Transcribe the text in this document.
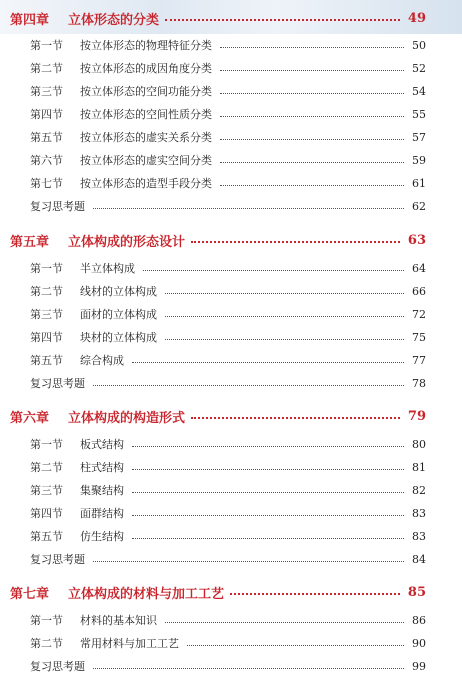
第四章	立体形态的分类	49
第一节	按立体形态的物理特征分类	50
第二节	按立体形态的成因角度分类	52
第三节	按立体形态的空间功能分类	54
第四节	按立体形态的空间性质分类	55
第五节	按立体形态的虚实关系分类	57
第六节	按立体形态的虚实空间分类	59
第七节	按立体形态的造型手段分类	61
复习思考题	62
第五章	立体构成的形态设计	63
第一节	半立体构成	64
第二节	线材的立体构成	66
第三节	面材的立体构成	72
第四节	块材的立体构成	75
第五节	综合构成	77
复习思考题	78
第六章	立体构成的构造形式	79
第一节	板式结构	80
第二节	柱式结构	81
第三节	集聚结构	82
第四节	面群结构	83
第五节	仿生结构	83
复习思考题	84
第七章	立体构成的材料与加工工艺	85
第一节	材料的基本知识	86
第二节	常用材料与加工工艺	90
复习思考题	99
